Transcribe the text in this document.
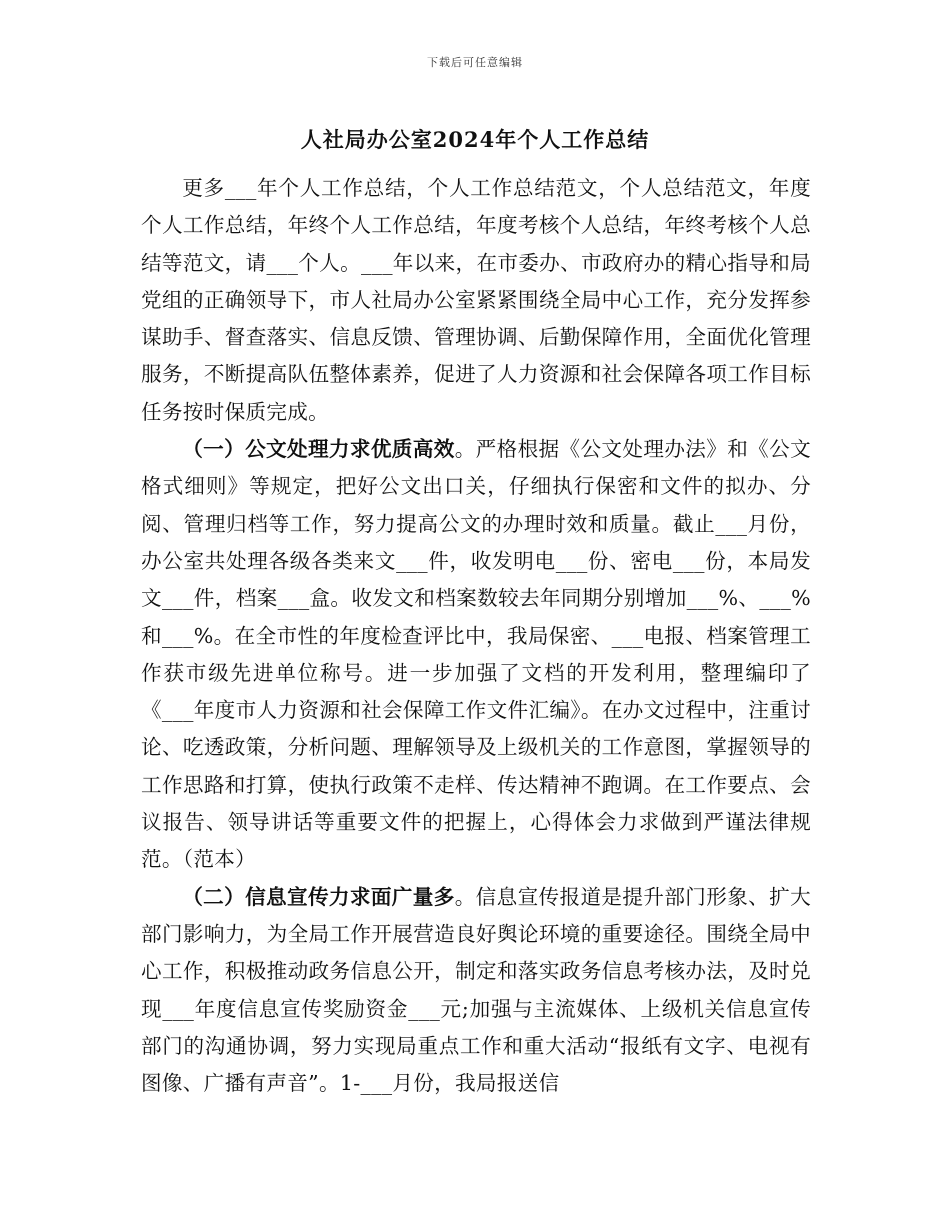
下载后可任意编辑
人社局办公室2024年个人工作总结

更多___年个人工作总结，个人工作总结范文，个人总结范文，年度个人工作总结，年终个人工作总结，年度考核个人总结，年终考核个人总结等范文，请___个人。___年以来，在市委办、市政府办的精心指导和局党组的正确领导下，市人社局办公室紧紧围绕全局中心工作，充分发挥参谋助手、督查落实、信息反馈、管理协调、后勤保障作用，全面优化管理服务，不断提高队伍整体素养，促进了人力资源和社会保障各项工作目标任务按时保质完成。

（一）公文处理力求优质高效。严格根据《公文处理办法》和《公文格式细则》等规定，把好公文出口关，仔细执行保密和文件的拟办、分阅、管理归档等工作，努力提高公文的办理时效和质量。截止___月份，办公室共处理各级各类来文___件，收发明电___份、密电___份，本局发文___件，档案___盒。收发文和档案数较去年同期分别增加___%、___%和___%。在全市性的年度检查评比中，我局保密、___电报、档案管理工作获市级先进单位称号。进一步加强了文档的开发利用，整理编印了《___年度市人力资源和社会保障工作文件汇编》。在办文过程中，注重讨论、吃透政策，分析问题、理解领导及上级机关的工作意图，掌握领导的工作思路和打算，使执行政策不走样、传达精神不跑调。在工作要点、会议报告、领导讲话等重要文件的把握上，心得体会力求做到严谨法律规范。（范本）

（二）信息宣传力求面广量多。信息宣传报道是提升部门形象、扩大部门影响力，为全局工作开展营造良好舆论环境的重要途径。围绕全局中心工作，积极推动政务信息公开，制定和落实政务信息考核办法，及时兑现___年度信息宣传奖励资金___元;加强与主流媒体、上级机关信息宣传部门的沟通协调，努力实现局重点工作和重大活动“报纸有文字、电视有图像、广播有声音”。1-___月份，我局报送信
